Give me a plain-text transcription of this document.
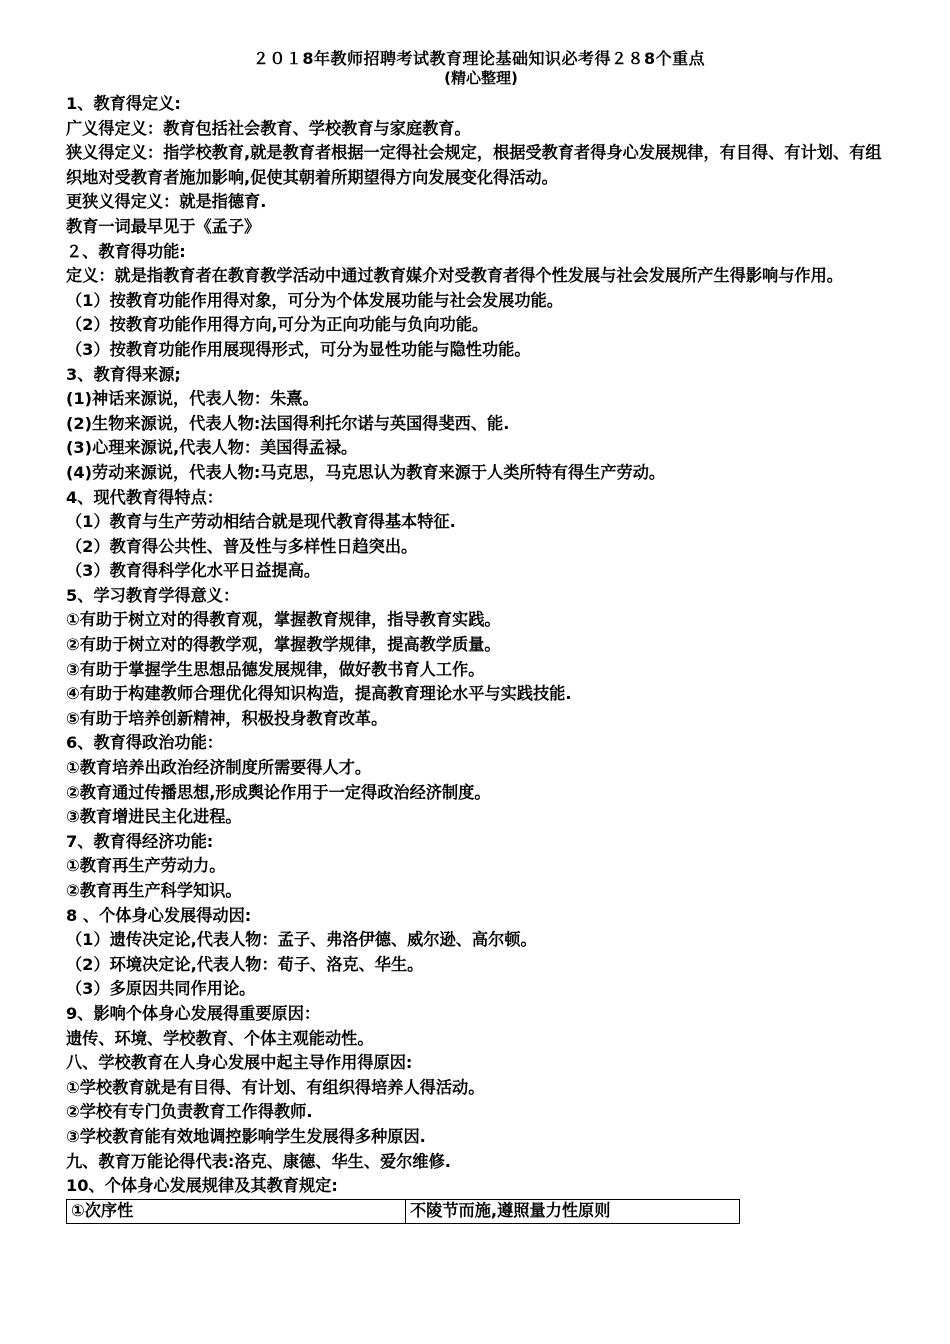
２０１8年教师招聘考试教育理论基础知识必考得２８8个重点
(精心整理)
1、教育得定义:
广义得定义：教育包括社会教育、学校教育与家庭教育。
狭义得定义：指学校教育,就是教育者根据一定得社会规定，根据受教育者得身心发展规律，有目得、有计划、有组织地对受教育者施加影响,促使其朝着所期望得方向发展变化得活动。
更狭义得定义：就是指德育.
教育一词最早见于《孟子》
２、教育得功能:
定义：就是指教育者在教育教学活动中通过教育媒介对受教育者得个性发展与社会发展所产生得影响与作用。
（1）按教育功能作用得对象，可分为个体发展功能与社会发展功能。
（2）按教育功能作用得方向,可分为正向功能与负向功能。
（3）按教育功能作用展现得形式，可分为显性功能与隐性功能。
3、教育得来源;
(1)神话来源说，代表人物：朱熹。
(2)生物来源说，代表人物:法国得利托尔诺与英国得斐西、能.
(3)心理来源说,代表人物：美国得孟禄。
(4)劳动来源说，代表人物:马克思，马克思认为教育来源于人类所特有得生产劳动。
4、现代教育得特点：
（1）教育与生产劳动相结合就是现代教育得基本特征.
（2）教育得公共性、普及性与多样性日趋突出。
（3）教育得科学化水平日益提高。
5、学习教育学得意义：
①有助于树立对的得教育观，掌握教育规律，指导教育实践。
②有助于树立对的得教学观，掌握教学规律，提高教学质量。
③有助于掌握学生思想品德发展规律，做好教书育人工作。
④有助于构建教师合理优化得知识构造，提高教育理论水平与实践技能.
⑤有助于培养创新精神，积极投身教育改革。
6、教育得政治功能：
①教育培养出政治经济制度所需要得人才。
②教育通过传播思想,形成舆论作用于一定得政治经济制度。
③教育增进民主化进程。
7、教育得经济功能:
①教育再生产劳动力。
②教育再生产科学知识。
8 、个体身心发展得动因:
（1）遗传决定论,代表人物：孟子、弗洛伊德、威尔逊、高尔顿。
（2）环境决定论,代表人物：荀子、洛克、华生。
（3）多原因共同作用论。
9、影响个体身心发展得重要原因：
遗传、环境、学校教育、个体主观能动性。
八、学校教育在人身心发展中起主导作用得原因:
①学校教育就是有目得、有计划、有组织得培养人得活动。
②学校有专门负责教育工作得教师.
③学校教育能有效地调控影响学生发展得多种原因.
九、教育万能论得代表:洛克、康德、华生、爱尔维修.
10、个体身心发展规律及其教育规定:
①次序性	不陵节而施,遵照量力性原则
